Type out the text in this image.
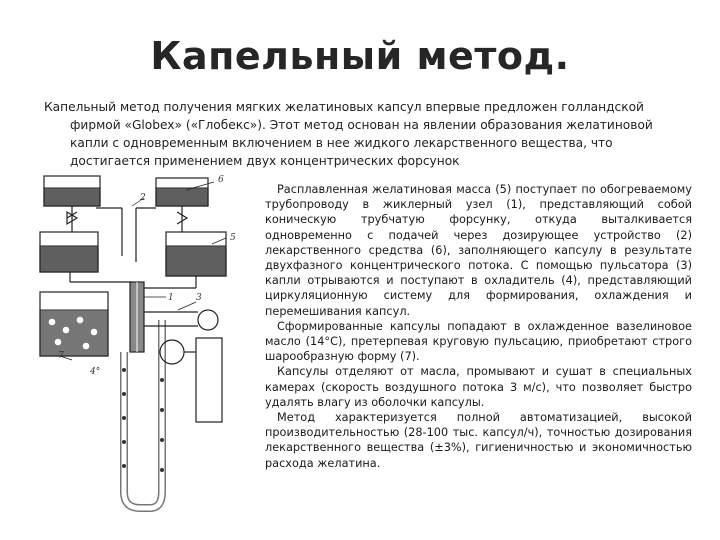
Капельный метод.

Капельный метод получения мягких желатиновых капсул впервые предложен голландской фирмой «Globex» («Глобекс»). Этот метод основан на явлении образования желатиновой капли с одновременным включением в нее жидкого лекарственного вещества, что достигается применением двух концентрических форсунок

2
6
5
1 3
7
4°

Расплавленная желатиновая масса (5) поступает по обогреваемому трубопроводу в жиклерный узел (1), представляющий собой коническую трубчатую форсунку, откуда выталкивается одновременно с подачей через дозирующее устройство (2) лекарственного средства (6), заполняющего капсулу в результате двухфазного концентрического потока. С помощью пульсатора (3) капли отрываются и поступают в охладитель (4), представляющий циркуляционную систему для формирования, охлаждения и перемешивания капсул.

Сформированные капсулы попадают в охлажденное вазелиновое масло (14°С), претерпевая круговую пульсацию, приобретают строго шарообразную форму (7).

Капсулы отделяют от масла, промывают и сушат в специальных камерах (скорость воздушного потока 3 м/с), что позволяет быстро удалять влагу из оболочки капсулы.

Метод характеризуется полной автоматизацией, высокой производительностью (28-100 тыс. капсул/ч), точностью дозирования лекарственного вещества (±3%), гигиеничностью и экономичностью расхода желатина.
